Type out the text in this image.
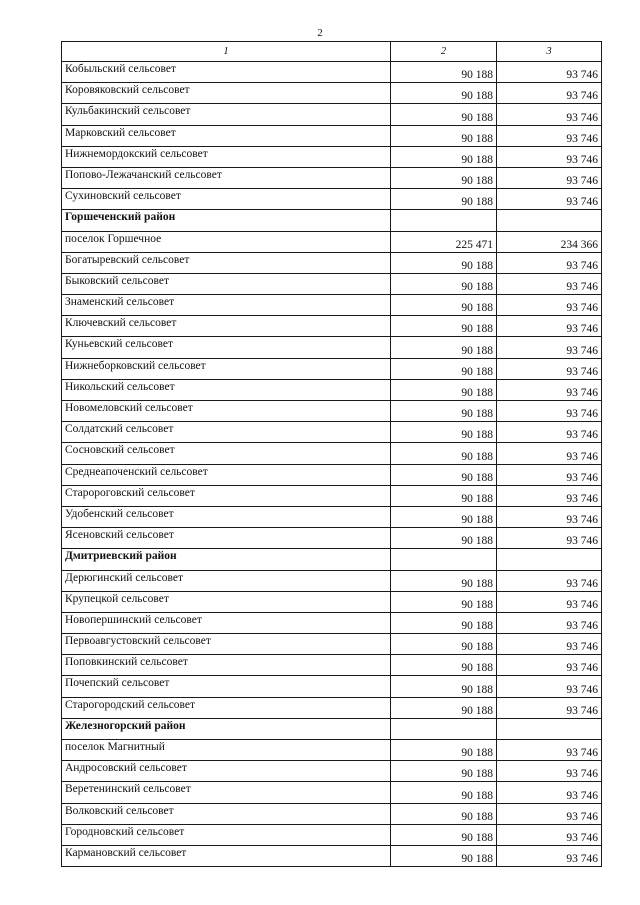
2
1	2	3
Кобыльский сельсовет	90 188	93 746
Коровяковский сельсовет	90 188	93 746
Кульбакинский сельсовет	90 188	93 746
Марковский сельсовет	90 188	93 746
Нижнемордокский сельсовет	90 188	93 746
Попово-Лежачанский сельсовет	90 188	93 746
Сухиновский сельсовет	90 188	93 746
Горшеченский район		
поселок Горшечное	225 471	234 366
Богатыревский сельсовет	90 188	93 746
Быковский сельсовет	90 188	93 746
Знаменский сельсовет	90 188	93 746
Ключевский сельсовет	90 188	93 746
Куньевский сельсовет	90 188	93 746
Нижнеборковский сельсовет	90 188	93 746
Никольский сельсовет	90 188	93 746
Новомеловский сельсовет	90 188	93 746
Солдатский сельсовет	90 188	93 746
Сосновский сельсовет	90 188	93 746
Среднеапоченский сельсовет	90 188	93 746
Старороговский сельсовет	90 188	93 746
Удобенский сельсовет	90 188	93 746
Ясеновский сельсовет	90 188	93 746
Дмитриевский район		
Дерюгинский сельсовет	90 188	93 746
Крупецкой сельсовет	90 188	93 746
Новопершинский сельсовет	90 188	93 746
Первоавгустовский сельсовет	90 188	93 746
Поповкинский сельсовет	90 188	93 746
Почепский сельсовет	90 188	93 746
Старогородский сельсовет	90 188	93 746
Железногорский район		
поселок Магнитный	90 188	93 746
Андросовский сельсовет	90 188	93 746
Веретенинский сельсовет	90 188	93 746
Волковский сельсовет	90 188	93 746
Городновский сельсовет	90 188	93 746
Кармановский сельсовет	90 188	93 746
